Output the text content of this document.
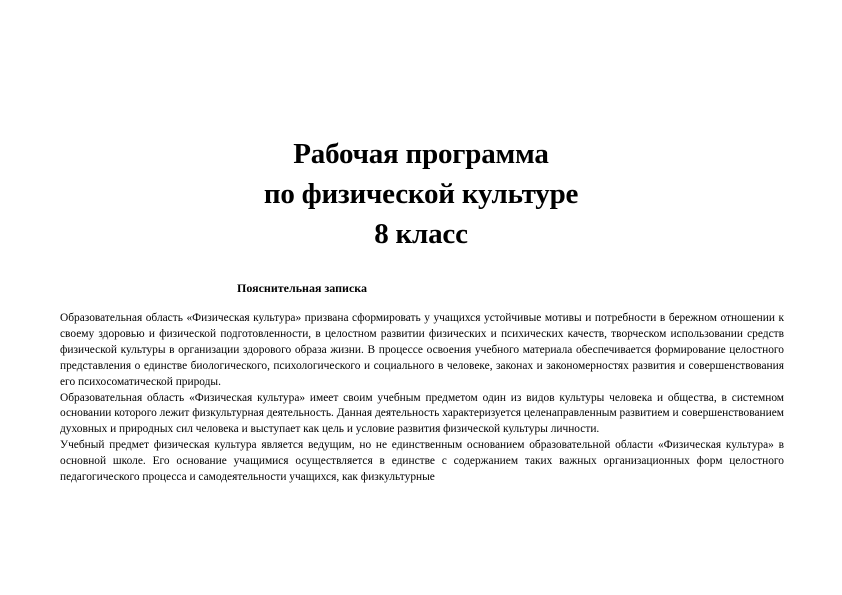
Рабочая программа
по физической культуре
8 класс
Пояснительная записка

Образовательная область «Физическая культура» призвана сформировать у учащихся устойчивые мотивы и потребности в бережном отношении к своему здоровью и физической подготовленности, в целостном развитии физических и психических качеств, творческом использовании средств физической культуры в организации здорового образа жизни. В процессе освоения учебного материала обеспечивается формирование целостного представления о единстве биологического, психологического и социального в человеке, законах и закономерностях развития и совершенствования его психосоматической природы.

Образовательная область «Физическая культура» имеет своим учебным предметом один из видов культуры человека и общества, в системном основании которого лежит физкультурная деятельность. Данная деятельность характеризуется целенаправленным развитием и совершенствованием духовных и природных сил человека и выступает как цель и условие развития физической культуры личности.

Учебный предмет физическая культура является ведущим, но не единственным основанием образовательной области «Физическая культура» в основной школе. Его основание учащимися осуществляется в единстве с содержанием таких важных организационных форм целостного педагогического процесса и самодеятельности учащихся, как физкультурные
